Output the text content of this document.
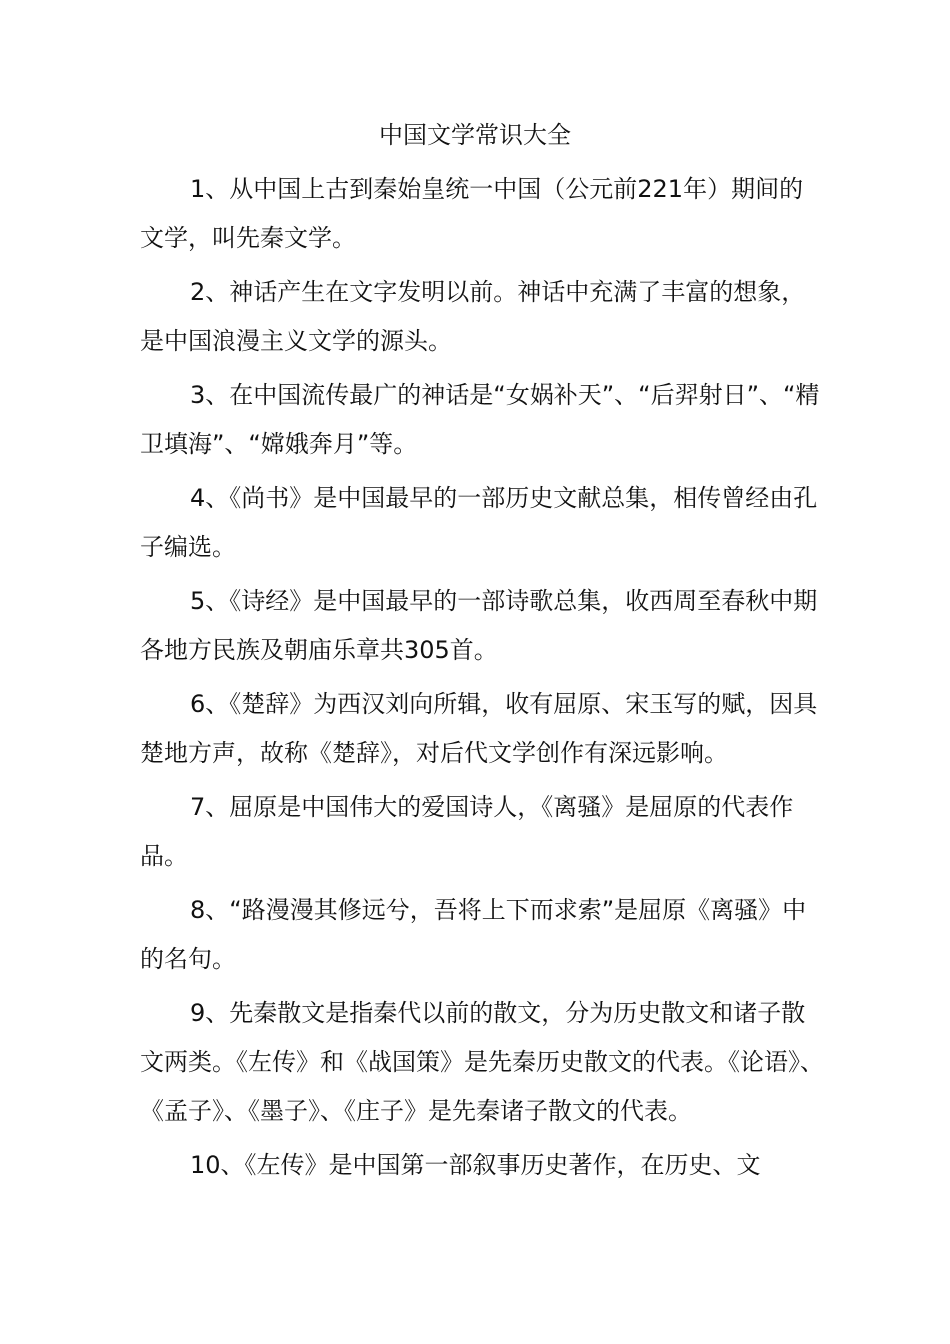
中国文学常识大全

1、从中国上古到秦始皇统一中国（公元前221年）期间的文学，叫先秦文学。

2、神话产生在文字发明以前。神话中充满了丰富的想象，是中国浪漫主义文学的源头。

3、在中国流传最广的神话是“女娲补天”、“后羿射日”、“精卫填海”、“嫦娥奔月”等。

4、《尚书》是中国最早的一部历史文献总集，相传曾经由孔子编选。

5、《诗经》是中国最早的一部诗歌总集，收西周至春秋中期各地方民族及朝庙乐章共305首。

6、《楚辞》为西汉刘向所辑，收有屈原、宋玉写的赋，因具楚地方声，故称《楚辞》，对后代文学创作有深远影响。

7、屈原是中国伟大的爱国诗人，《离骚》是屈原的代表作品。

8、“路漫漫其修远兮，吾将上下而求索”是屈原《离骚》中的名句。

9、先秦散文是指秦代以前的散文，分为历史散文和诸子散文两类。《左传》和《战国策》是先秦历史散文的代表。《论语》、《孟子》、《墨子》、《庄子》是先秦诸子散文的代表。

10、《左传》是中国第一部叙事历史著作，在历史、文
